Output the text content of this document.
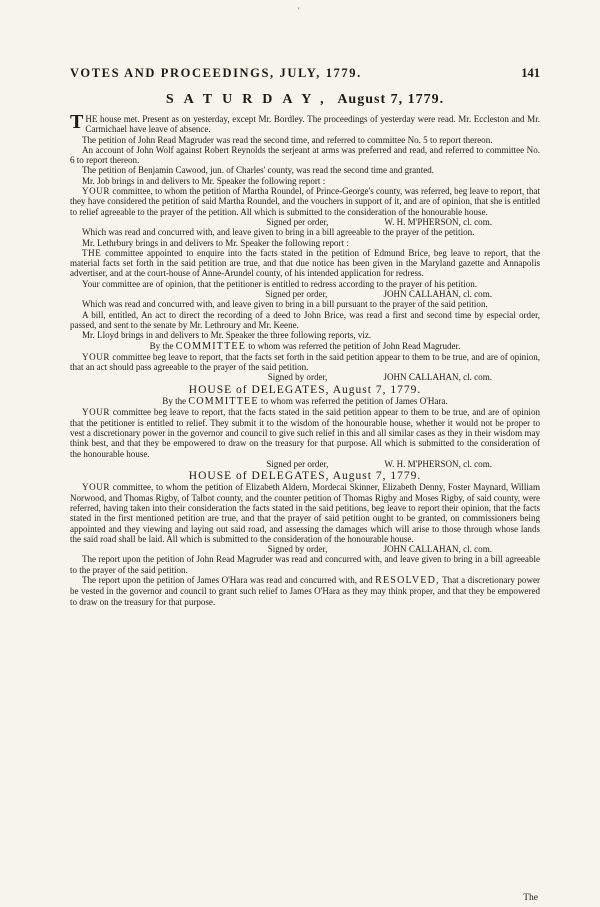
'
VOTES AND PROCEEDINGS, JULY, 1779.	141
SATURDAY, August 7, 1779.

THE house met. Present as on yesterday, except Mr. Bordley. The proceedings of yesterday were read. Mr. Eccleston and Mr. Carmichael have leave of absence.

The petition of John Read Magruder was read the second time, and referred to committee No. 5 to report thereon.

An account of John Wolf against Robert Reynolds the serjeant at arms was preferred and read, and referred to committee No. 6 to report thereon.

The petition of Benjamin Cawood, jun. of Charles' county, was read the second time and granted.

Mr. Job brings in and delivers to Mr. Speaker the following report :

YOUR committee, to whom the petition of Martha Roundel, of Prince-George's county, was referred, beg leave to report, that they have considered the petition of said Martha Roundel, and the vouchers in support of it, and are of opinion, that she is entitled to relief agreeable to the prayer of the petition. All which is submitted to the consideration of the honourable house.

Signed per order,	W. H. M'PHERSON, cl. com.

Which was read and concurred with, and leave given to bring in a bill agreeable to the prayer of the petition.

Mr. Lethrbury brings in and delivers to Mr. Speaker the following report :

THE committee appointed to enquire into the facts stated in the petition of Edmund Brice, beg leave to report, that the material facts set forth in the said petition are true, and that due notice has been given in the Maryland gazette and Annapolis advertiser, and at the court-house of Anne-Arundel county, of his intended application for redress.

Your committee are of opinion, that the petitioner is entitled to redress according to the prayer of his petition.

Signed per order,	JOHN CALLAHAN, cl. com.

Which was read and concurred with, and leave given to bring in a bill pursuant to the prayer of the said petition.

A bill, entitled, An act to direct the recording of a deed to John Brice, was read a first and second time by especial order, passed, and sent to the senate by Mr. Lethroury and Mr. Keene.

Mr. Lloyd brings in and delivers to Mr. Speaker the three following reports, viz.

By the COMMITTEE to whom was referred the petition of John Read Magruder.

YOUR committee beg leave to report, that the facts set forth in the said petition appear to them to be true, and are of opinion, that an act should pass agreeable to the prayer of the said petition.

Signed by order,	JOHN CALLAHAN, cl. com.

HOUSE of DELEGATES, August 7, 1779.

By the COMMITTEE to whom was referred the petition of James O'Hara.

YOUR committee beg leave to report, that the facts stated in the said petition appear to them to be true, and are of opinion that the petitioner is entitled to relief. They submit it to the wisdom of the honourable house, whether it would not be proper to vest a discretionary power in the governor and council to give such relief in this and all similar cases as they in their wisdom may think best, and that they be empowered to draw on the treasury for that purpose. All which is submitted to the consideration of the honourable house.

Signed per order,	W. H. M'PHERSON, cl. com.

HOUSE of DELEGATES, August 7, 1779.

YOUR committee, to whom the petition of Elizabeth Aldern, Mordecai Skinner, Elizabeth Denny, Foster Maynard, William Norwood, and Thomas Rigby, of Talbot county, and the counter petition of Thomas Rigby and Moses Rigby, of said county, were referred, having taken into their consideration the facts stated in the said petitions, beg leave to report their opinion, that the facts stated in the first mentioned petition are true, and that the prayer of said petition ought to be granted, on commissioners being appointed and they viewing and laying out said road, and assessing the damages which will arise to those through whose lands the said road shall be laid. All which is submitted to the consideration of the honourable house.

Signed by order,	JOHN CALLAHAN, cl. com.

The report upon the petition of John Read Magruder was read and concurred with, and leave given to bring in a bill agreeable to the prayer of the said petition.

The report upon the petition of James O'Hara was read and concurred with, and RESOLVED, That a discretionary power be vested in the governor and council to grant such relief to James O'Hara as they may think proper, and that they be empowered to draw on the treasury for that purpose.

The
